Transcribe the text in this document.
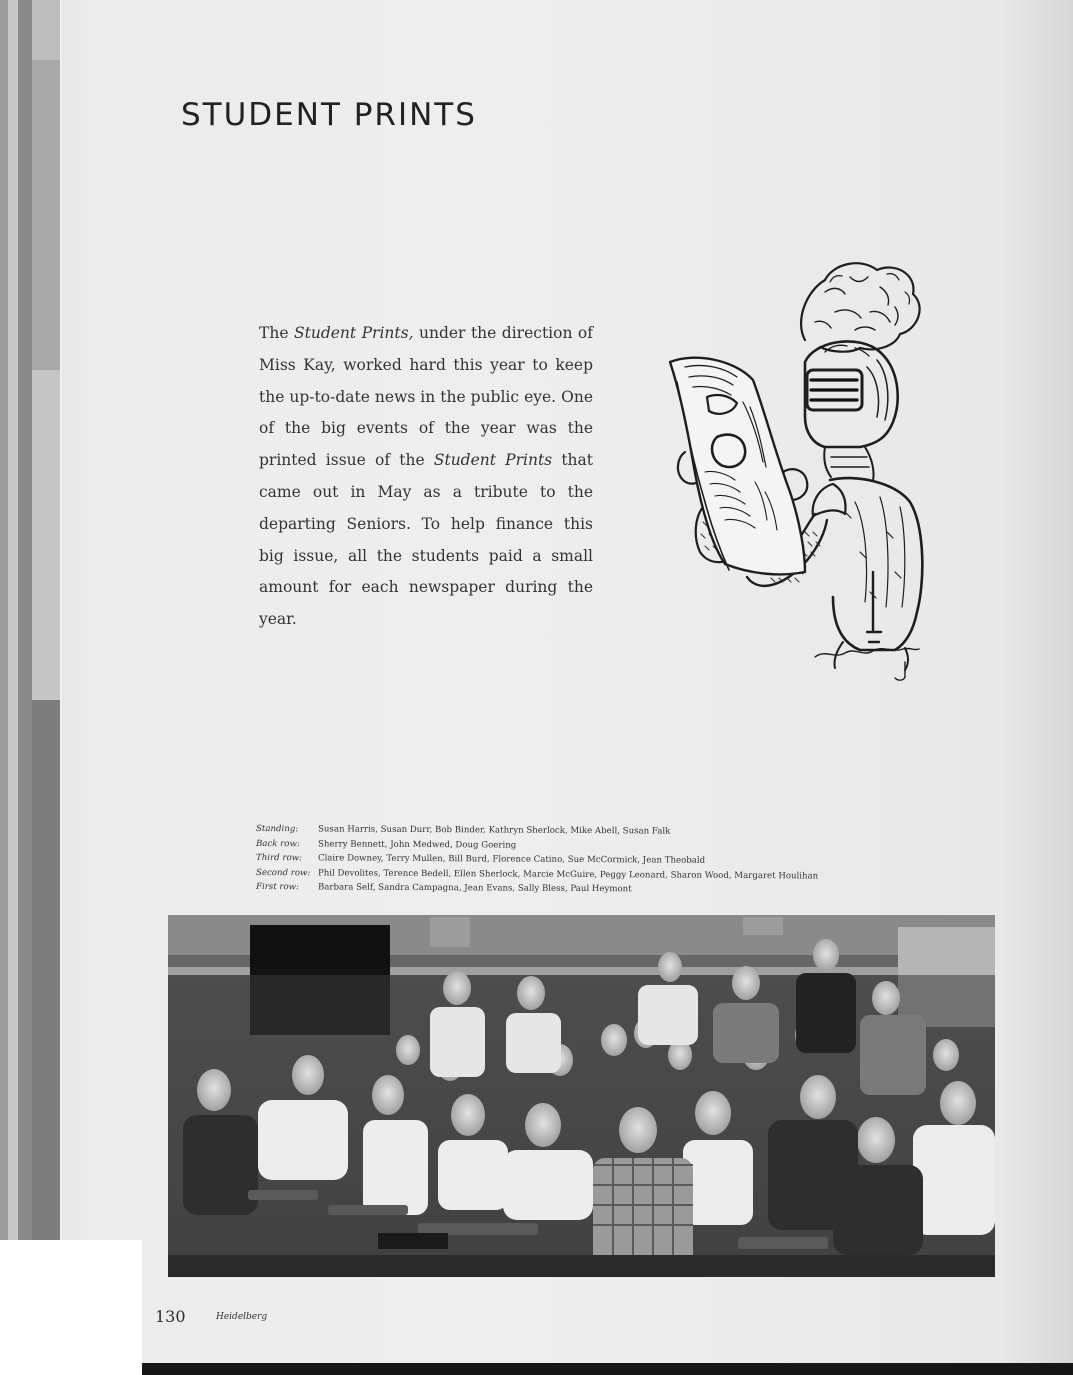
STUDENT PRINTS

The Student Prints, under the direction of Miss Kay, worked hard this year to keep the up-to-date news in the public eye. One of the big events of the year was the printed issue of the Student Prints that came out in May as a tribute to the departing Seniors. To help finance this big issue, all the students paid a small amount for each newspaper during the year.

Standing: Susan Harris, Susan Durr, Bob Binder, Kathryn Sherlock, Mike Abell, Susan Falk
Back row: Sherry Bennett, John Medwed, Doug Goering
Third row: Claire Downey, Terry Mullen, Bill Burd, Florence Catino, Sue McCormick, Jean Theobald
Second row: Phil Devolites, Terence Bedell, Ellen Sherlock, Marcie McGuire, Peggy Leonard, Sharon Wood, Margaret Houlihan
First row: Barbara Self, Sandra Campagna, Jean Evans, Sally Bless, Paul Heymont
130	Heidelberg
